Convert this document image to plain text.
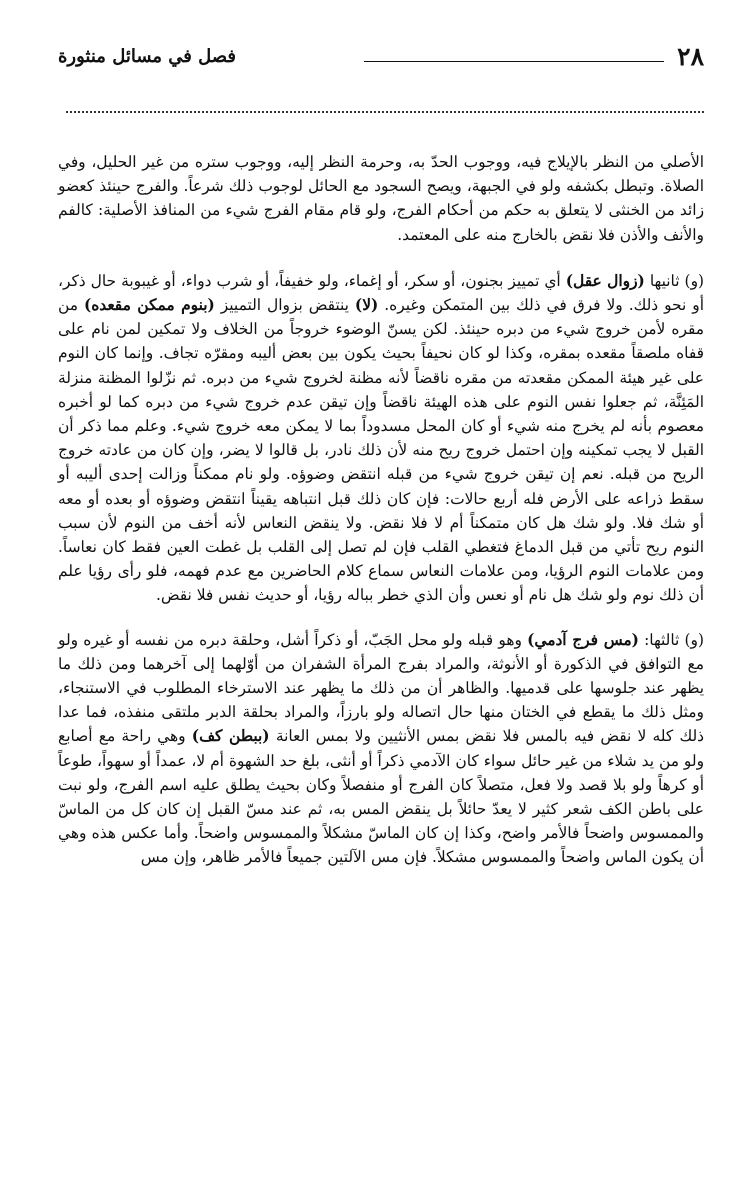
٢٨
فصل في مسائل منثورة

الأصلي من النظر بالإيلاج فيه، ووجوب الحدّ به، وحرمة النظر إليه، ووجوب ستره من غير الحليل، وفي الصلاة. وتبطل بكشفه ولو في الجبهة، ويصح السجود مع الحائل لوجوب ذلك شرعاً. والفرج حينئذ كعضو زائد من الخنثى لا يتعلق به حكم من أحكام الفرج، ولو قام مقام الفرج شيء من المنافذ الأصلية: كالفم والأنف والأذن فلا نقض بالخارج منه على المعتمد.

(و) ثانيها (زوال عقل) أي تمييز بجنون، أو سكر، أو إغماء، ولو خفيفاً، أو شرب دواء، أو غيبوبة حال ذكر، أو نحو ذلك. ولا فرق في ذلك بين المتمكن وغيره. (لا) ينتقض بزوال التمييز (بنوم ممكن مقعده) من مقره لأمن خروج شيء من دبره حينئذ. لكن يسنّ الوضوء خروجاً من الخلاف ولا تمكين لمن نام على قفاه ملصقاً مقعده بمقره، وكذا لو كان نحيفاً بحيث يكون بين بعض أليبه ومقرّه تجاف. وإنما كان النوم على غير هيئة الممكن مقعدته من مقره ناقضاً لأنه مظنة لخروج شيء من دبره. ثم نزّلوا المظنة منزلة المَئِنَّة، ثم جعلوا نفس النوم على هذه الهيئة ناقضاً وإن تيقن عدم خروج شيء من دبره كما لو أخبره معصوم بأنه لم يخرج منه شيء أو كان المحل مسدوداً بما لا يمكن معه خروج شيء. وعلم مما ذكر أن القبل لا يجب تمكينه وإن احتمل خروج ريح منه لأن ذلك نادر، بل قالوا لا يضر، وإن كان من عادته خروج الريح من قبله. نعم إن تيقن خروج شيء من قبله انتقض وضوؤه. ولو نام ممكناً وزالت إحدى أليبه أو سقط ذراعه على الأرض فله أربع حالات: فإن كان ذلك قبل انتباهه يقيناً انتقض وضوؤه أو بعده أو معه أو شك فلا. ولو شك هل كان متمكناً أم لا فلا نقض. ولا ينقض النعاس لأنه أخف من النوم لأن سبب النوم ريح تأتي من قبل الدماغ فتغطي القلب فإن لم تصل إلى القلب بل غطت العين فقط كان نعاساً. ومن علامات النوم الرؤيا، ومن علامات النعاس سماع كلام الحاضرين مع عدم فهمه، فلو رأى رؤيا علم أن ذلك نوم ولو شك هل نام أو نعس وأن الذي خطر بباله رؤيا، أو حديث نفس فلا نقض.

(و) ثالثها: (مس فرج آدمي) وهو قبله ولو محل الجَبّ، أو ذكراً أشل، وحلقة دبره من نفسه أو غيره ولو مع التوافق في الذكورة أو الأنوثة، والمراد بفرج المرأة الشفران من أوّلهما إلى آخرهما ومن ذلك ما يظهر عند جلوسها على قدميها. والظاهر أن من ذلك ما يظهر عند الاسترخاء المطلوب في الاستنجاء، ومثل ذلك ما يقطع في الختان منها حال اتصاله ولو بارزاً، والمراد بحلقة الدبر ملتقى منفذه، فما عدا ذلك كله لا نقض فيه بالمس فلا نقض بمس الأنثيين ولا بمس العانة (ببطن كف) وهي راحة مع أصابع ولو من يد شلاء من غير حائل سواء كان الآدمي ذكراً أو أنثى، بلغ حد الشهوة أم لا، عمداً أو سهواً، طوعاً أو كرهاً ولو بلا قصد ولا فعل، متصلاً كان الفرج أو منفصلاً وكان بحيث يطلق عليه اسم الفرج، ولو نبت على باطن الكف شعر كثير لا يعدّ حائلاً بل ينقض المس به، ثم عند مسّ القبل إن كان كل من الماسّ والممسوس واضحاً فالأمر واضح، وكذا إن كان الماسّ مشكلاً والممسوس واضحاً. وأما عكس هذه وهي أن يكون الماس واضحاً والممسوس مشكلاً. فإن مس الآلتين جميعاً فالأمر ظاهر، وإن مس
